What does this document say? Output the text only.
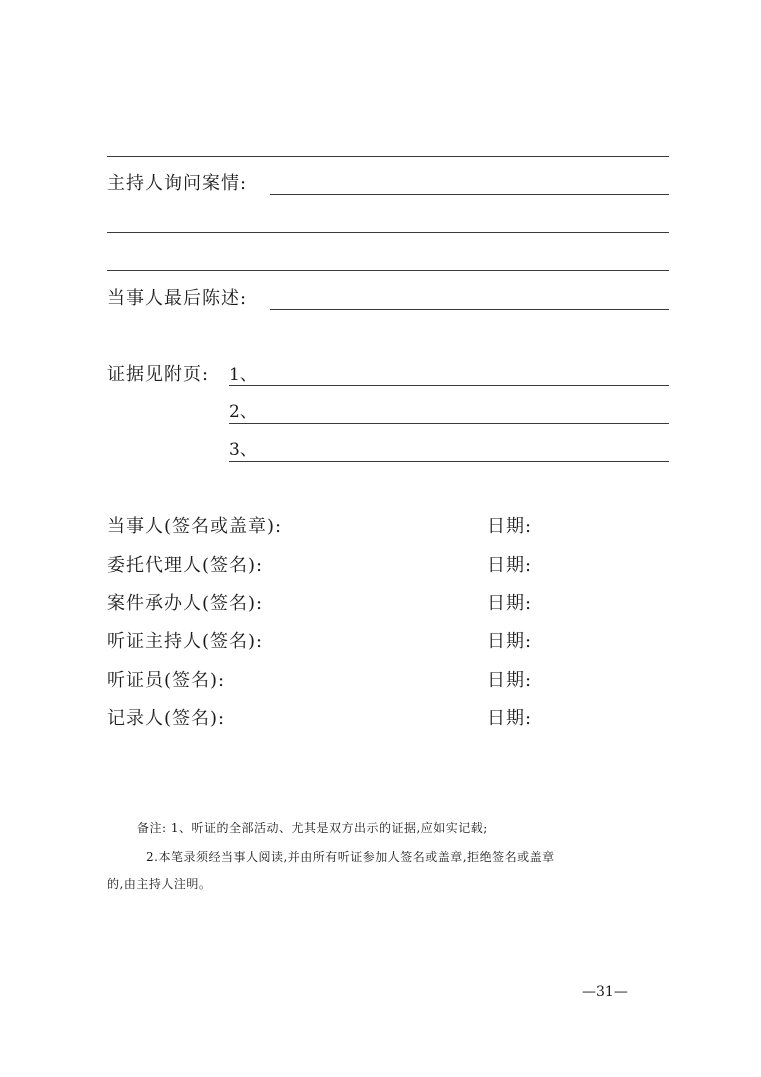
主持人询问案情:
当事人最后陈述:
证据见附页: 1、
2、
3、
当事人(签名或盖章):	日期:
委托代理人(签名):	日期:
案件承办人(签名):	日期:
听证主持人(签名):	日期:
听证员(签名):	日期:
记录人(签名):	日期:
备注: 1、听证的全部活动、尤其是双方出示的证据,应如实记载;
2.本笔录须经当事人阅读,并由所有听证参加人签名或盖章,拒绝签名或盖章
的,由主持人注明。
—31—
